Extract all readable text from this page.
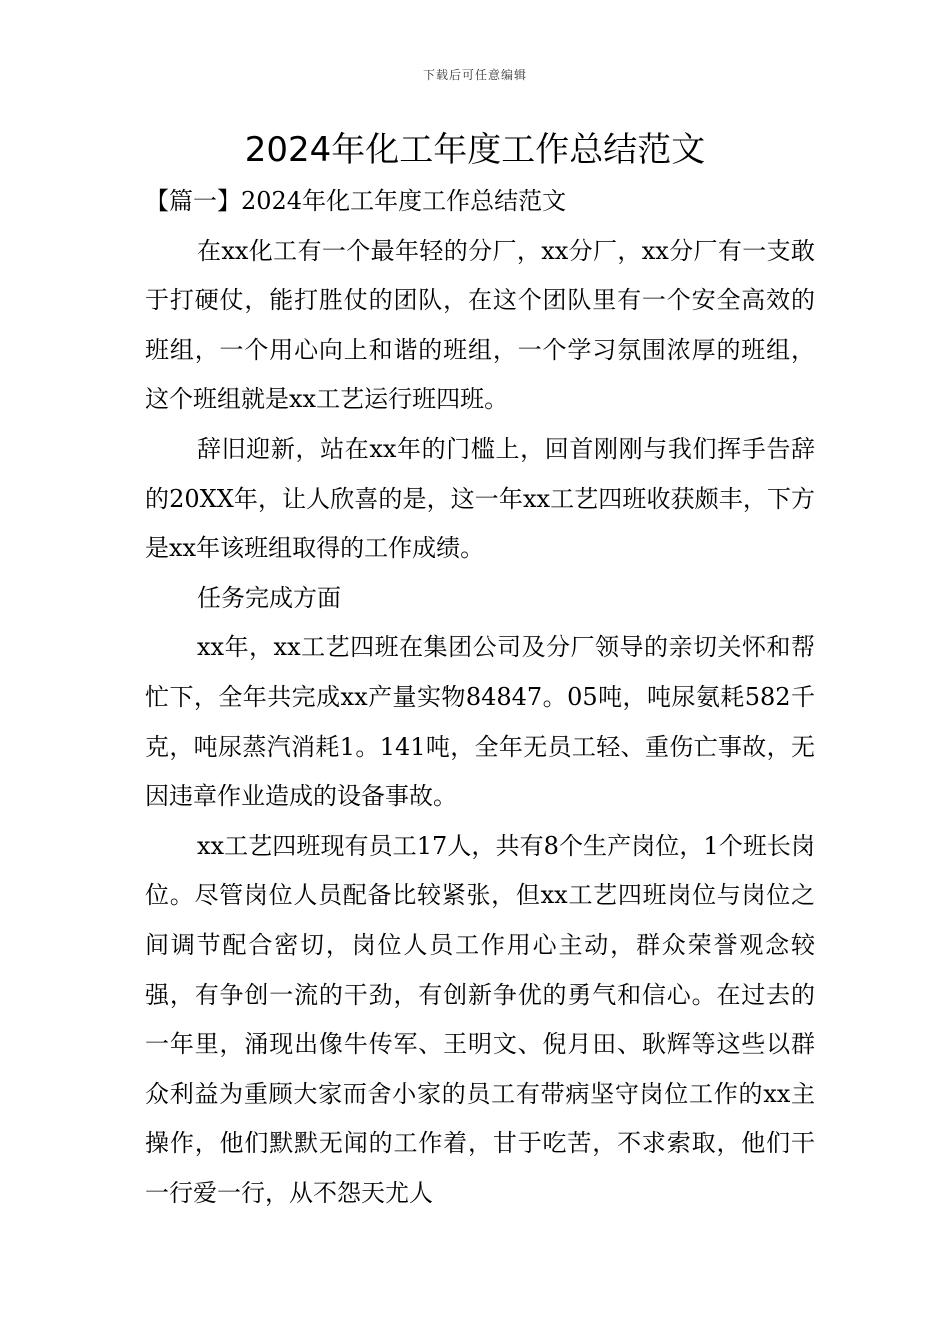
下载后可任意编辑
2024年化工年度工作总结范文

【篇一】2024年化工年度工作总结范文

在xx化工有一个最年轻的分厂，xx分厂，xx分厂有一支敢于打硬仗，能打胜仗的团队，在这个团队里有一个安全高效的班组，一个用心向上和谐的班组，一个学习氛围浓厚的班组，这个班组就是xx工艺运行班四班。

辞旧迎新，站在xx年的门槛上，回首刚刚与我们挥手告辞的20XX年，让人欣喜的是，这一年xx工艺四班收获颇丰，下方是xx年该班组取得的工作成绩。

任务完成方面

xx年，xx工艺四班在集团公司及分厂领导的亲切关怀和帮忙下，全年共完成xx产量实物84847。05吨，吨尿氨耗582千克，吨尿蒸汽消耗1。141吨，全年无员工轻、重伤亡事故，无因违章作业造成的设备事故。

xx工艺四班现有员工17人，共有8个生产岗位，1个班长岗位。尽管岗位人员配备比较紧张，但xx工艺四班岗位与岗位之间调节配合密切，岗位人员工作用心主动，群众荣誉观念较强，有争创一流的干劲，有创新争优的勇气和信心。在过去的一年里，涌现出像牛传军、王明文、倪月田、耿辉等这些以群众利益为重顾大家而舍小家的员工有带病坚守岗位工作的xx主操作，他们默默无闻的工作着，甘于吃苦，不求索取，他们干一行爱一行，从不怨天尤人
